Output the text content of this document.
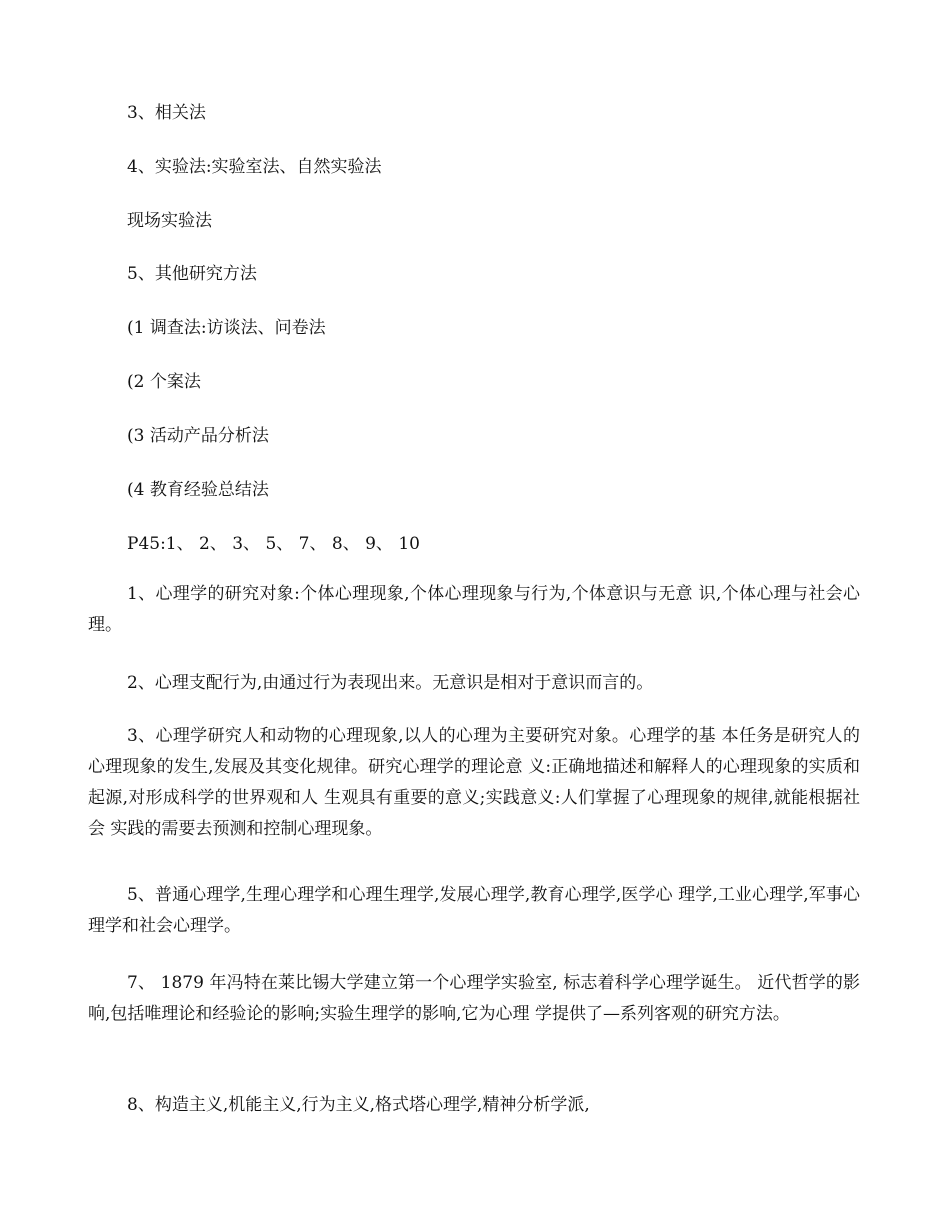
3、相关法
4、实验法:实验室法、自然实验法
现场实验法
5、其他研究方法
(1 调查法:访谈法、问卷法
(2 个案法
(3 活动产品分析法
(4 教育经验总结法
P45:1、 2、 3、 5、 7、 8、 9、 10

1、心理学的研究对象:个体心理现象,个体心理现象与行为,个体意识与无意 识,个体心理与社会心理。

2、心理支配行为,由通过行为表现出来。无意识是相对于意识而言的。

3、心理学研究人和动物的心理现象,以人的心理为主要研究对象。心理学的基 本任务是研究人的心理现象的发生,发展及其变化规律。研究心理学的理论意 义:正确地描述和解释人的心理现象的实质和起源,对形成科学的世界观和人 生观具有重要的意义;实践意义:人们掌握了心理现象的规律,就能根据社会 实践的需要去预测和控制心理现象。

5、普通心理学,生理心理学和心理生理学,发展心理学,教育心理学,医学心 理学,工业心理学,军事心理学和社会心理学。

7、 1879 年冯特在莱比锡大学建立第一个心理学实验室, 标志着科学心理学诞生。 近代哲学的影响,包括唯理论和经验论的影响;实验生理学的影响,它为心理 学提供了—系列客观的研究方法。

8、构造主义,机能主义,行为主义,格式塔心理学,精神分析学派,
